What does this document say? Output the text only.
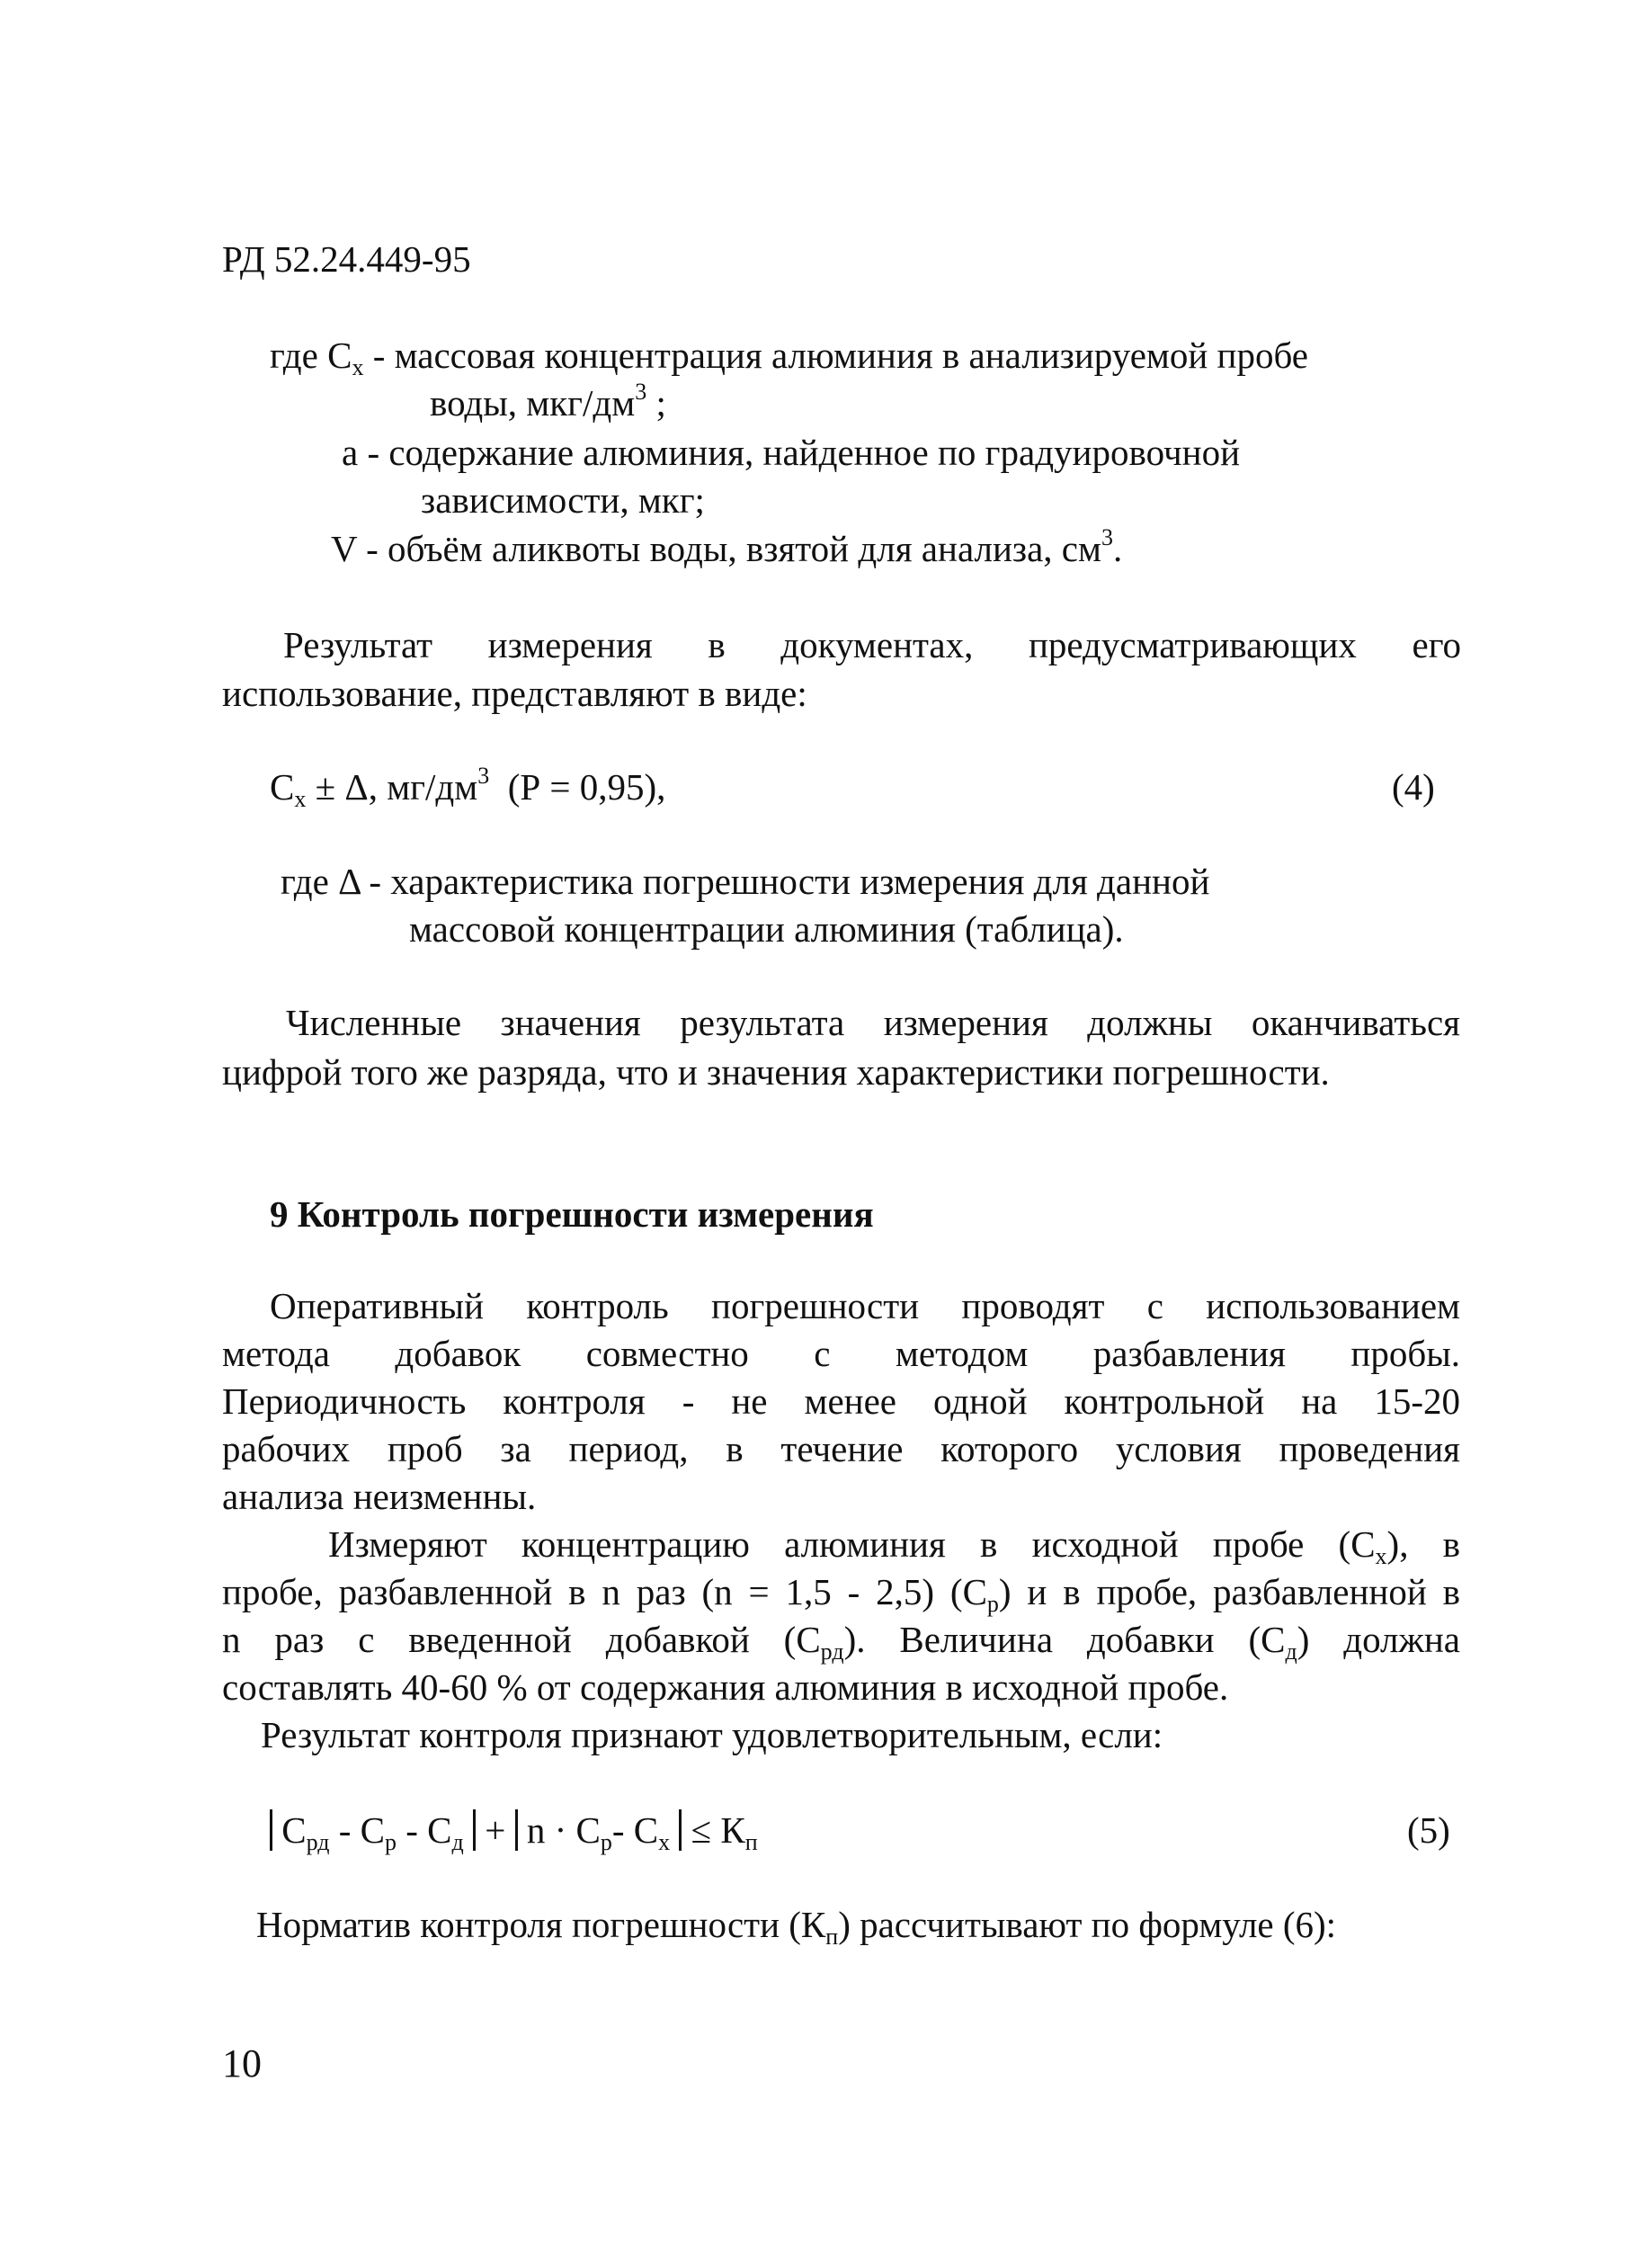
РД 52.24.449-95
где $С_х$ - массовая концентрация алюминия в анализируемой пробе
воды, мкг/$дм^3$ ;
а - содержание алюминия, найденное по градуировочной
зависимости, мкг;
V - объём аликвоты воды, взятой для анализа, $см^3$.
Результат измерения в документах, предусматривающих его
использование, представляют в виде:
$С_х \pm \Delta$, $мг/дм^3$  (Р = 0,95),	(4)
где Δ - характеристика погрешности измерения для данной
массовой концентрации алюминия (таблица).
Численные значения результата измерения должны оканчиваться
цифрой того же разряда, что и значения характеристики погрешности.
9 Контроль погрешности измерения
Оперативный контроль погрешности проводят с использованием
метода добавок совместно с методом разбавления пробы.
Периодичность контроля - не менее одной контрольной на 15-20
рабочих проб за период, в течение которого условия проведения
анализа неизменны.
Измеряют концентрацию алюминия в исходной пробе $(С_х)$, в
пробе, разбавленной в n раз (n = 1,5 - 2,5) $(С_р)$ и в пробе, разбавленной в
n раз с введенной добавкой $(С_{рд})$. Величина добавки $(С_д)$ должна
составлять 40-60 % от содержания алюминия в исходной пробе.
Результат контроля признают удовлетворительным, если:
$С_{рд} - С_р - С_д + n \cdot С_р-$ $С_х \le К_п$	(5)
Норматив контроля погрешности $(К_п)$ рассчитывают по формуле (6):
10
